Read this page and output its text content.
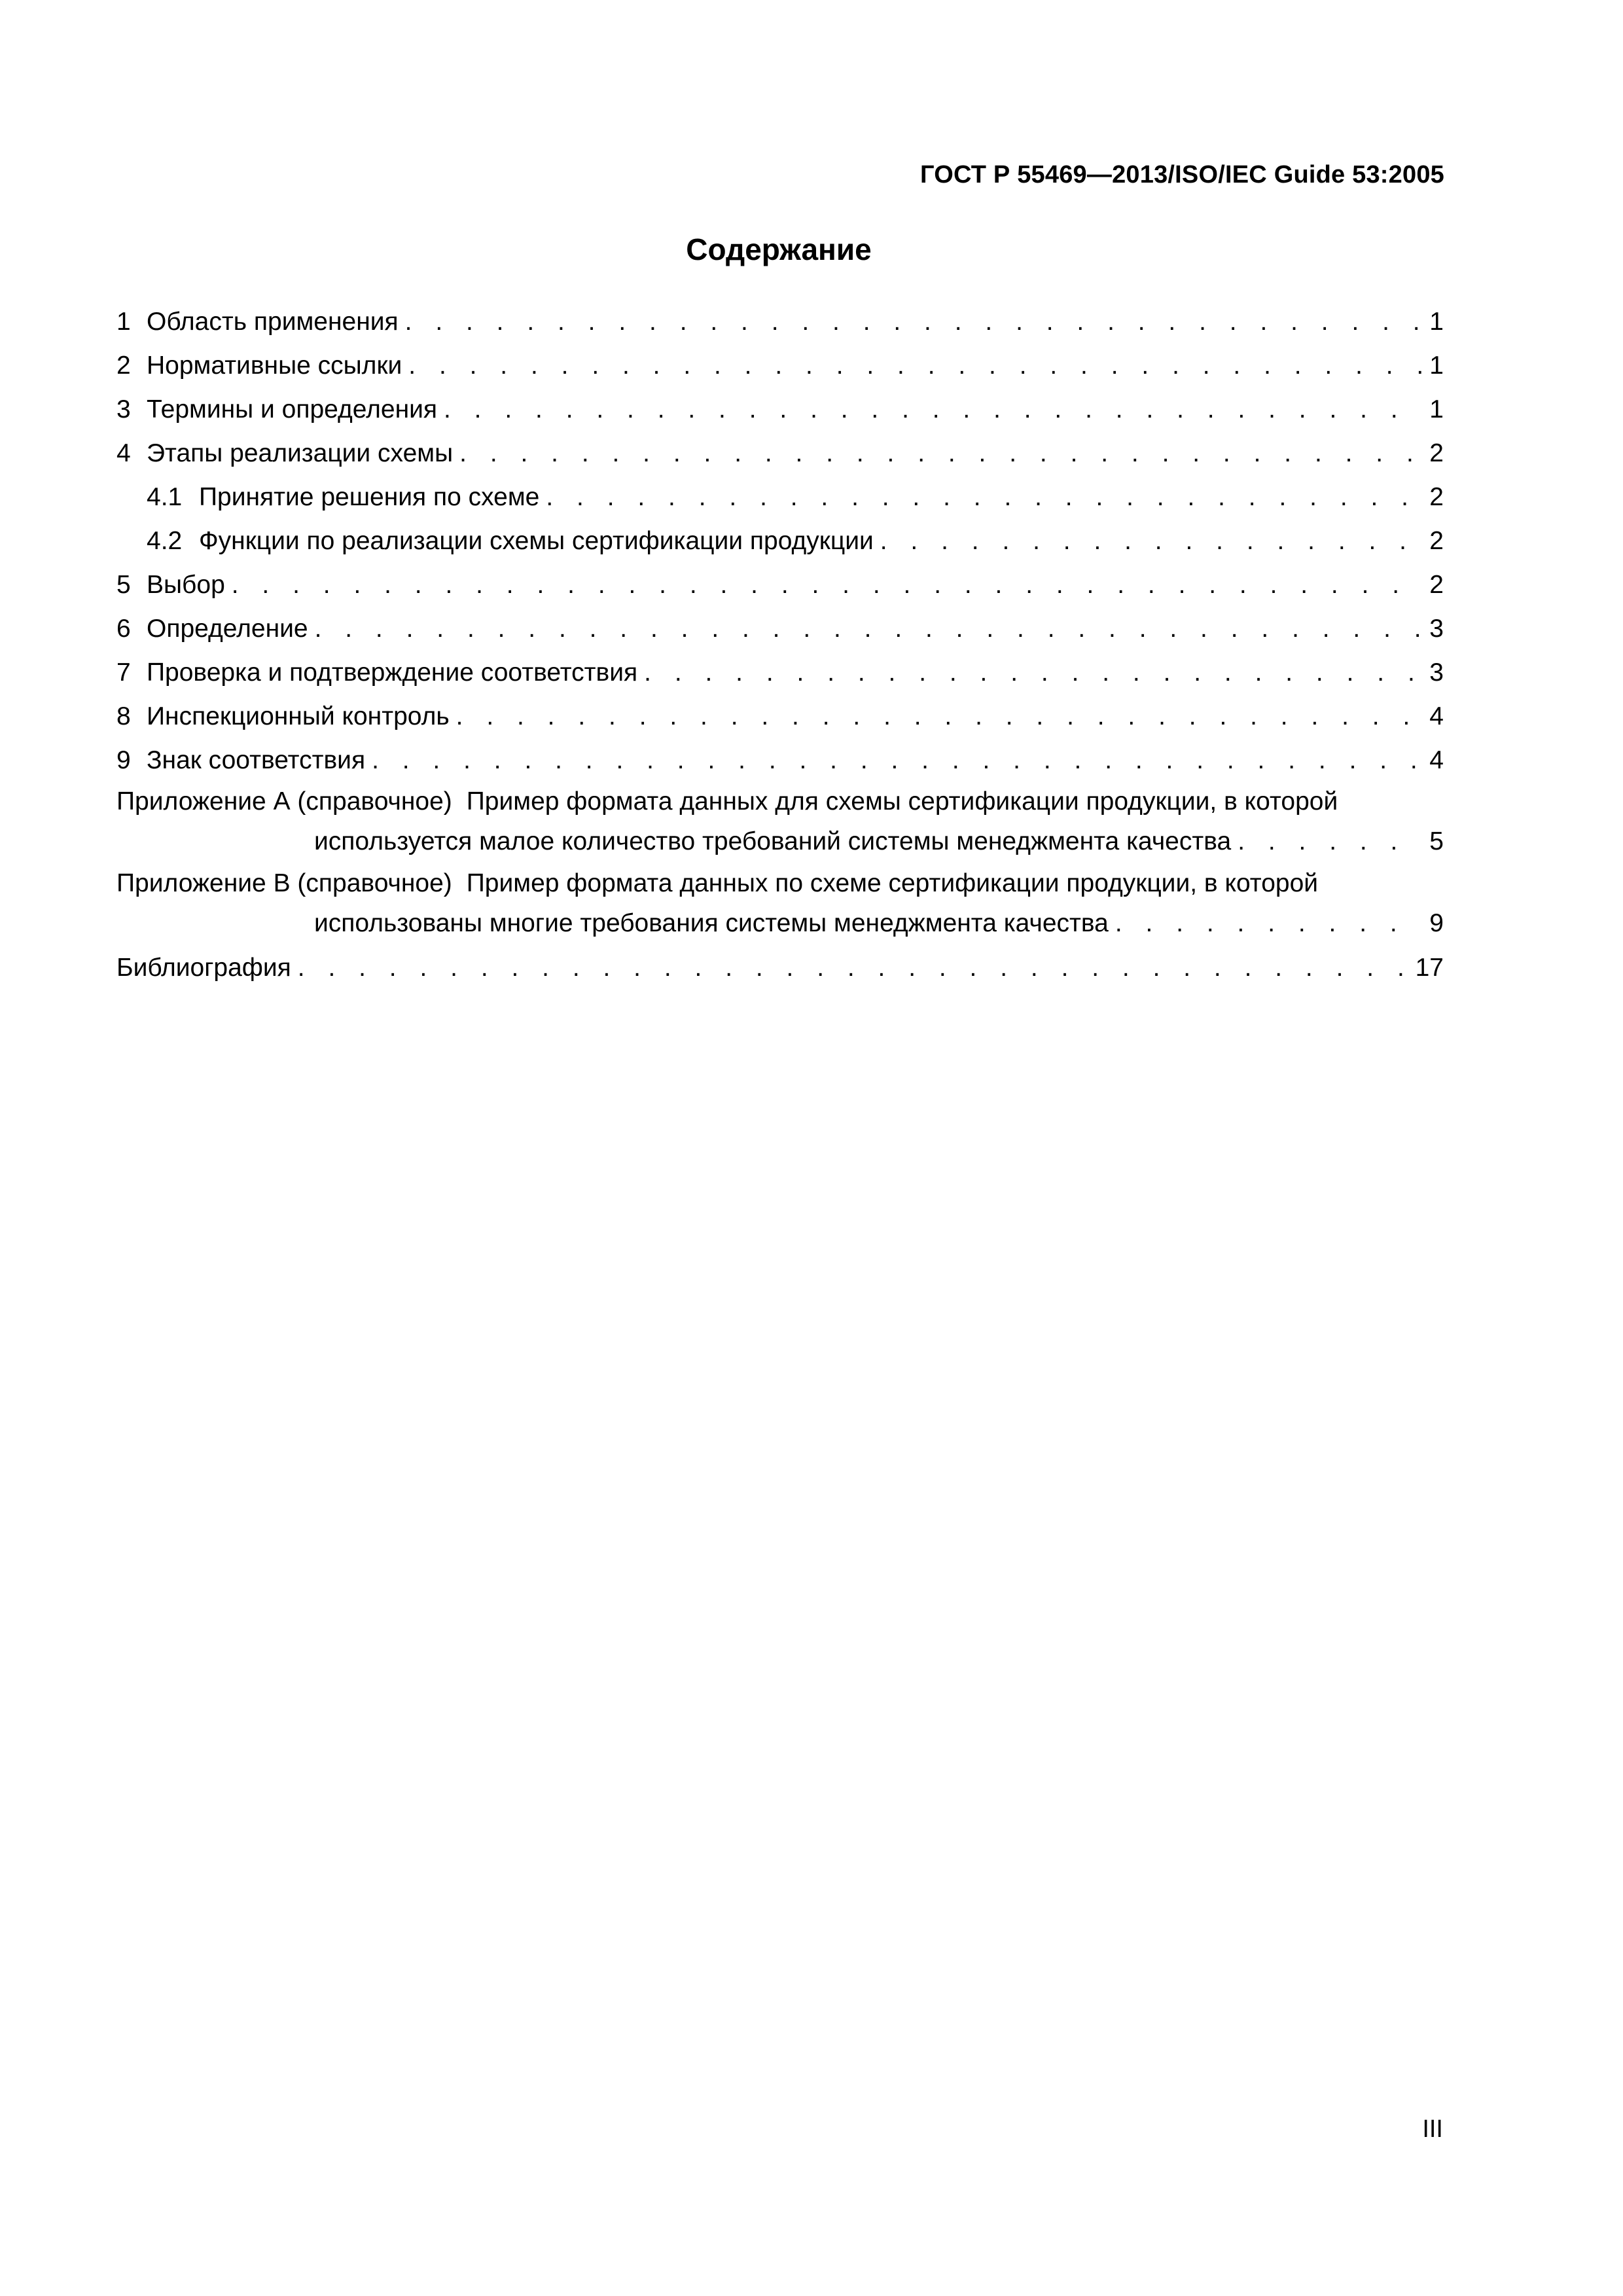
ГОСТ Р 55469—2013/ISO/IEC Guide 53:2005
Содержание
1 Область применения . . .	1
2 Нормативные ссылки . . .	1
3 Термины и определения . . .	1
4 Этапы реализации схемы . . .	2
4.1 Принятие решения по схеме . . .	2
4.2 Функции по реализации схемы сертификации продукции . . .	2
5 Выбор . . .	2
6 Определение . . .	3
7 Проверка и подтверждение соответствия . . .	3
8 Инспекционный контроль . . .	4
9 Знак соответствия . . .	4
Приложение А (справочное) Пример формата данных для схемы сертификации продукции, в которой
используется малое количество требований системы менеджмента качества . . .	5
Приложение В (справочное) Пример формата данных по схеме сертификации продукции, в которой
использованы многие требования системы менеджмента качества . . .	9
Библиография . . .	17
III
